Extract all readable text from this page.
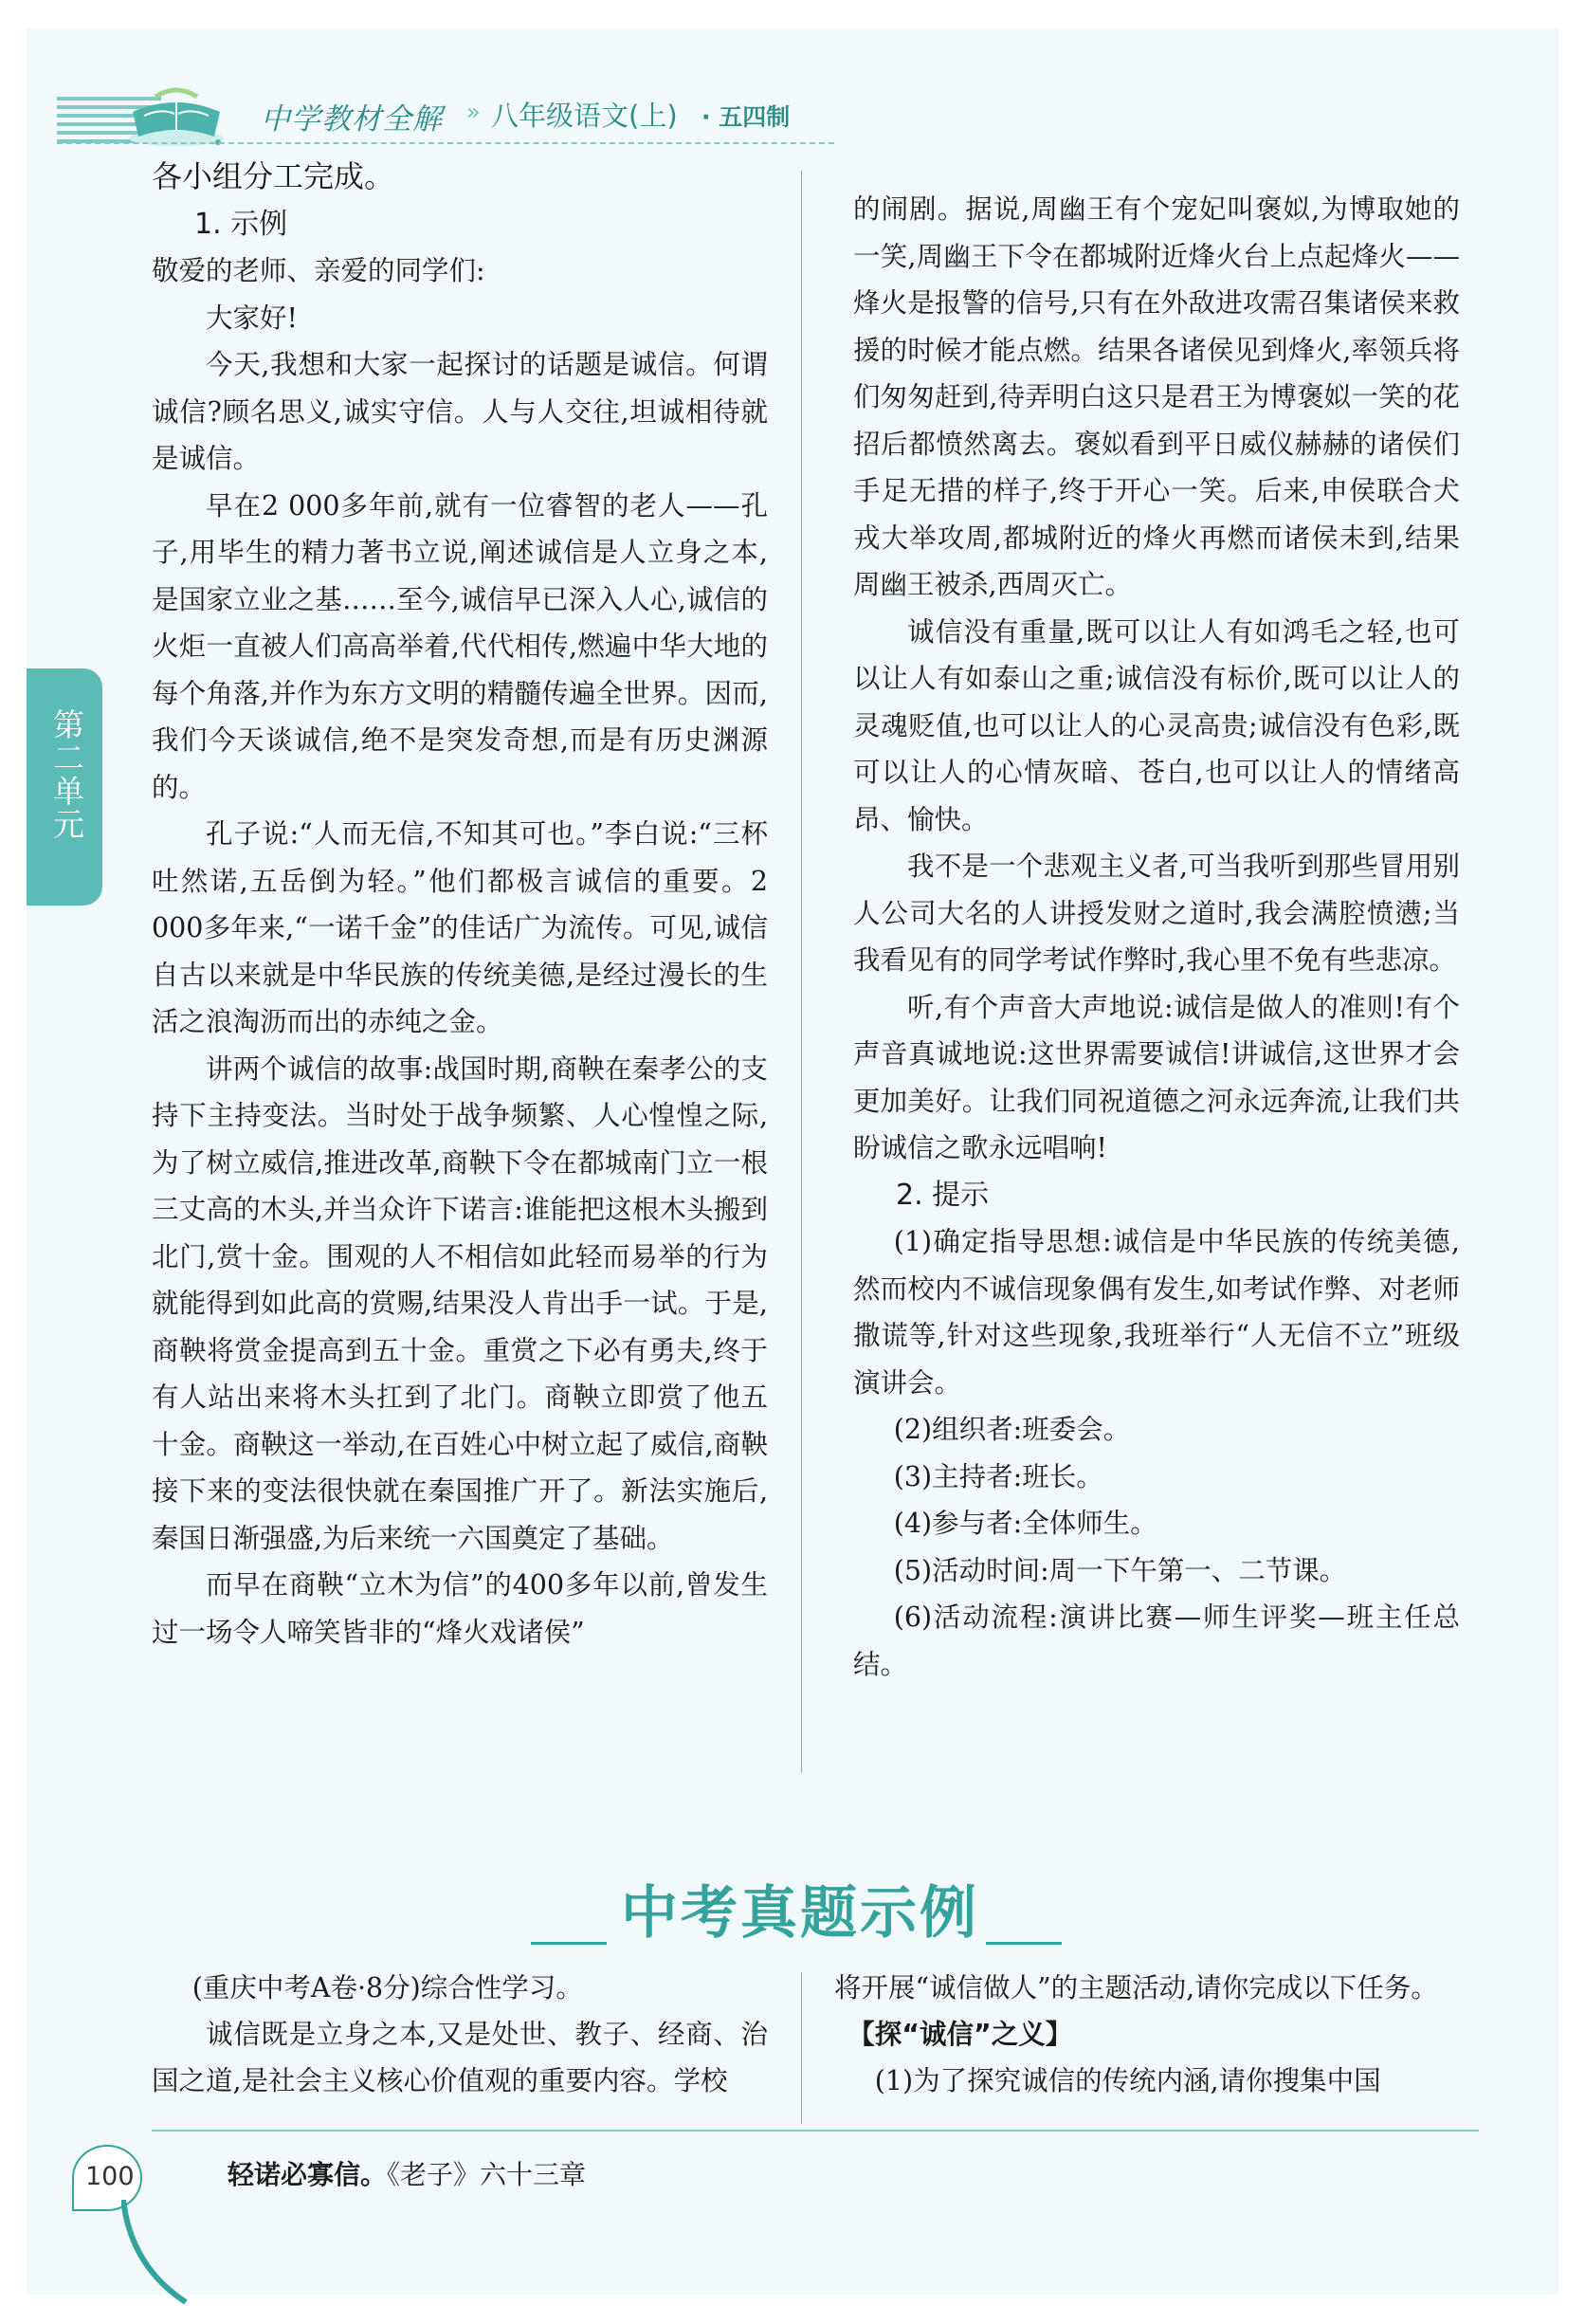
中学教材全解 » 八年级语文(上) · 五四制
第二单元

各小组分工完成。

1. 示例

敬爱的老师、亲爱的同学们:

大家好!

今天,我想和大家一起探讨的话题是诚信。何谓诚信?顾名思义,诚实守信。人与人交往,坦诚相待就是诚信。

早在2 000多年前,就有一位睿智的老人——孔子,用毕生的精力著书立说,阐述诚信是人立身之本,是国家立业之基……至今,诚信早已深入人心,诚信的火炬一直被人们高高举着,代代相传,燃遍中华大地的每个角落,并作为东方文明的精髓传遍全世界。因而,我们今天谈诚信,绝不是突发奇想,而是有历史渊源的。

孔子说:“人而无信,不知其可也。”李白说:“三杯吐然诺,五岳倒为轻。”他们都极言诚信的重要。2 000多年来,“一诺千金”的佳话广为流传。可见,诚信自古以来就是中华民族的传统美德,是经过漫长的生活之浪淘沥而出的赤纯之金。

讲两个诚信的故事:战国时期,商鞅在秦孝公的支持下主持变法。当时处于战争频繁、人心惶惶之际,为了树立威信,推进改革,商鞅下令在都城南门立一根三丈高的木头,并当众许下诺言:谁能把这根木头搬到北门,赏十金。围观的人不相信如此轻而易举的行为就能得到如此高的赏赐,结果没人肯出手一试。于是,商鞅将赏金提高到五十金。重赏之下必有勇夫,终于有人站出来将木头扛到了北门。商鞅立即赏了他五十金。商鞅这一举动,在百姓心中树立起了威信,商鞅接下来的变法很快就在秦国推广开了。新法实施后,秦国日渐强盛,为后来统一六国奠定了基础。

而早在商鞅“立木为信”的400多年以前,曾发生过一场令人啼笑皆非的“烽火戏诸侯”

的闹剧。据说,周幽王有个宠妃叫褒姒,为博取她的一笑,周幽王下令在都城附近烽火台上点起烽火——烽火是报警的信号,只有在外敌进攻需召集诸侯来救援的时候才能点燃。结果各诸侯见到烽火,率领兵将们匆匆赶到,待弄明白这只是君王为博褒姒一笑的花招后都愤然离去。褒姒看到平日威仪赫赫的诸侯们手足无措的样子,终于开心一笑。后来,申侯联合犬戎大举攻周,都城附近的烽火再燃而诸侯未到,结果周幽王被杀,西周灭亡。

诚信没有重量,既可以让人有如鸿毛之轻,也可以让人有如泰山之重;诚信没有标价,既可以让人的灵魂贬值,也可以让人的心灵高贵;诚信没有色彩,既可以让人的心情灰暗、苍白,也可以让人的情绪高昂、愉快。

我不是一个悲观主义者,可当我听到那些冒用别人公司大名的人讲授发财之道时,我会满腔愤懑;当我看见有的同学考试作弊时,我心里不免有些悲凉。

听,有个声音大声地说:诚信是做人的准则!有个声音真诚地说:这世界需要诚信!讲诚信,这世界才会更加美好。让我们同祝道德之河永远奔流,让我们共盼诚信之歌永远唱响!

2. 提示

(1)确定指导思想:诚信是中华民族的传统美德,然而校内不诚信现象偶有发生,如考试作弊、对老师撒谎等,针对这些现象,我班举行“人无信不立”班级演讲会。

(2)组织者:班委会。

(3)主持者:班长。

(4)参与者:全体师生。

(5)活动时间:周一下午第一、二节课。

(6)活动流程:演讲比赛—师生评奖—班主任总结。

中考真题示例

(重庆中考A卷·8分)综合性学习。

诚信既是立身之本,又是处世、教子、经商、治国之道,是社会主义核心价值观的重要内容。学校

将开展“诚信做人”的主题活动,请你完成以下任务。

【探“诚信”之义】

(1)为了探究诚信的传统内涵,请你搜集中国

100	轻诺必寡信。《老子》六十三章
